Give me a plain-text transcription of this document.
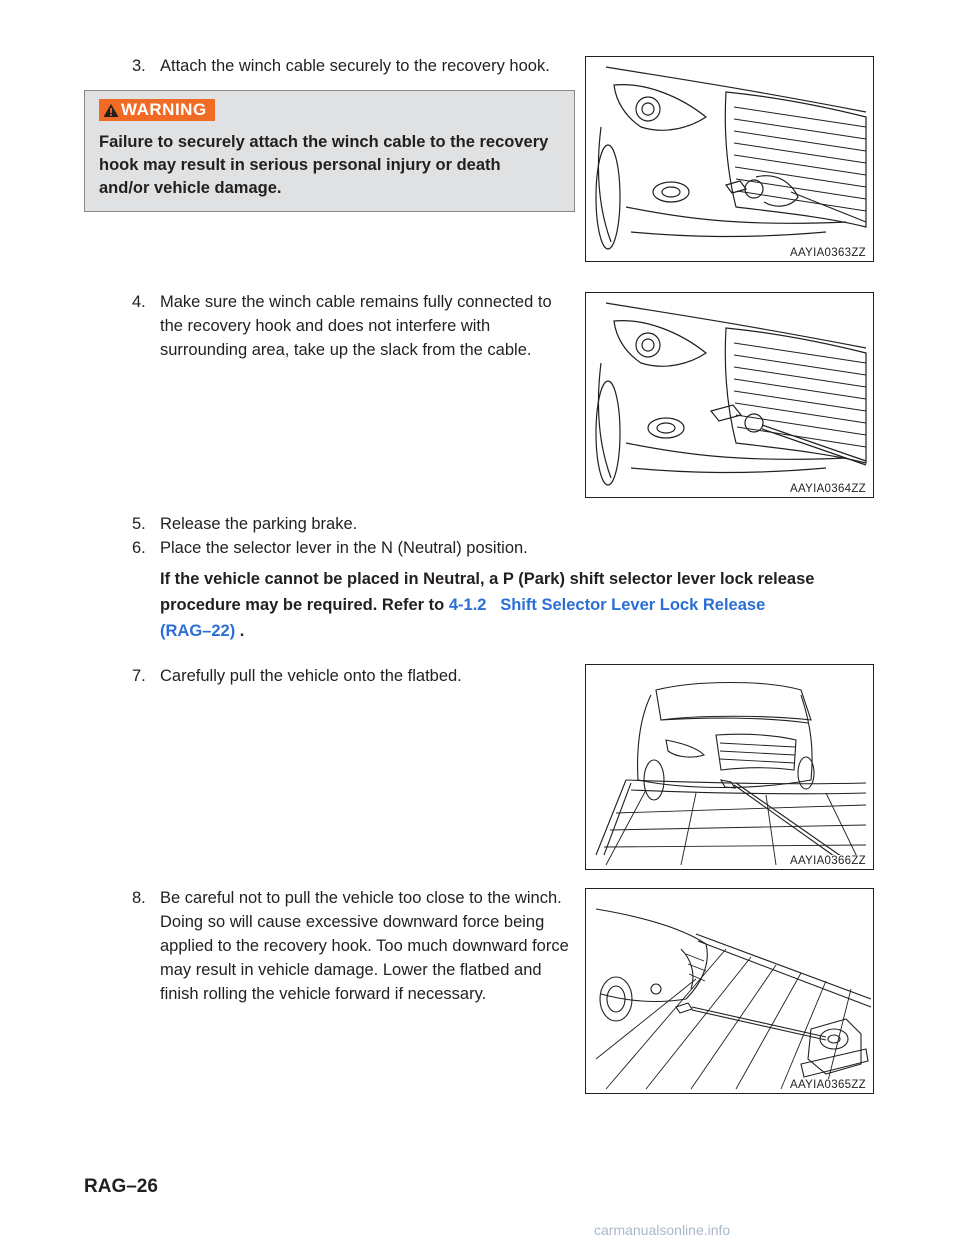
3. Attach the winch cable securely to the recovery hook.
WARNING
Failure to securely attach the winch cable to the recovery
hook may result in serious personal injury or death
and/or vehicle damage.
AAYIA0363ZZ
4. Make sure the winch cable remains fully connected to
the recovery hook and does not interfere with
surrounding area, take up the slack from the cable.
AAYIA0364ZZ
5. Release the parking brake.
6. Place the selector lever in the N (Neutral) position.
If the vehicle cannot be placed in Neutral, a P (Park) shift selector lever lock release
procedure may be required. Refer to 4-1.2 Shift Selector Lever Lock Release
(RAG–22) .
7. Carefully pull the vehicle onto the flatbed.
AAYIA0366ZZ
8. Be careful not to pull the vehicle too close to the winch.
Doing so will cause excessive downward force being
applied to the recovery hook. Too much downward force
may result in vehicle damage. Lower the flatbed and
finish rolling the vehicle forward if necessary.
AAYIA0365ZZ
RAG–26
carmanualsonline.info
